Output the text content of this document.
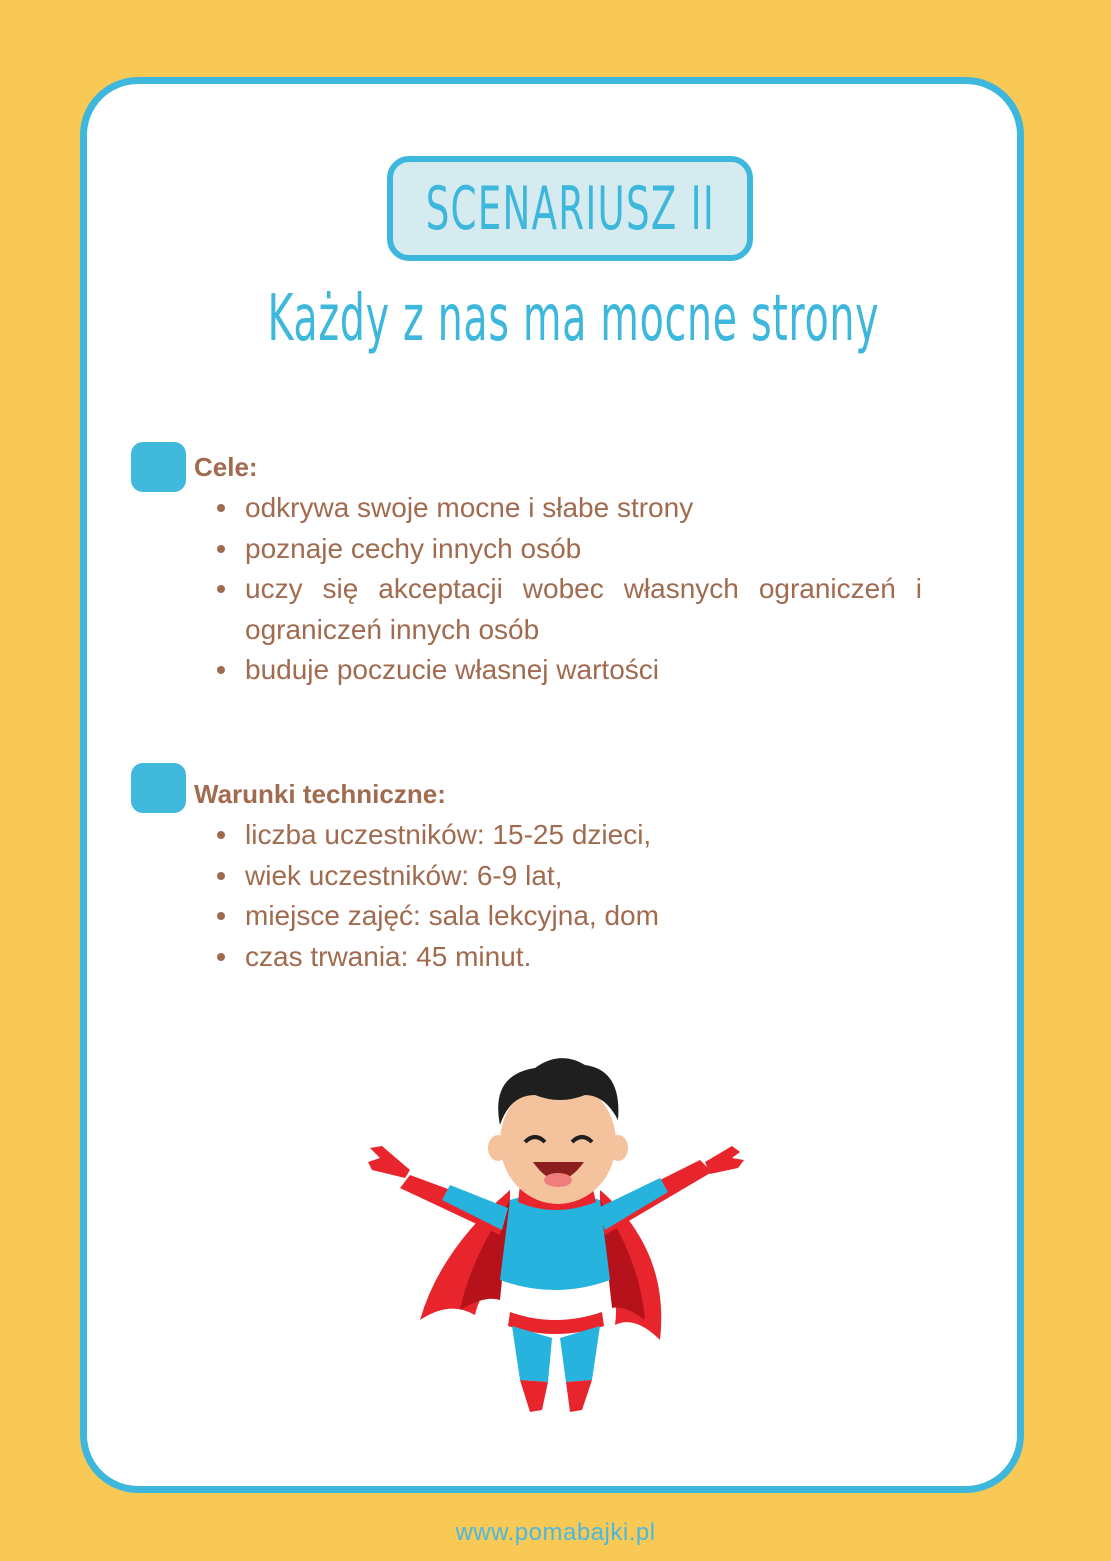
SCENARIUSZ II
Każdy z nas ma mocne strony
Cele:
odkrywa swoje mocne i słabe strony
poznaje cechy innych osób
uczy się akceptacji wobec własnych ograniczeń i ograniczeń innych osób
buduje poczucie własnej wartości
Warunki techniczne:
liczba uczestników: 15-25 dzieci,
wiek uczestników: 6-9 lat,
miejsce zajęć: sala lekcyjna, dom
czas trwania: 45 minut.
www.pomabajki.pl
